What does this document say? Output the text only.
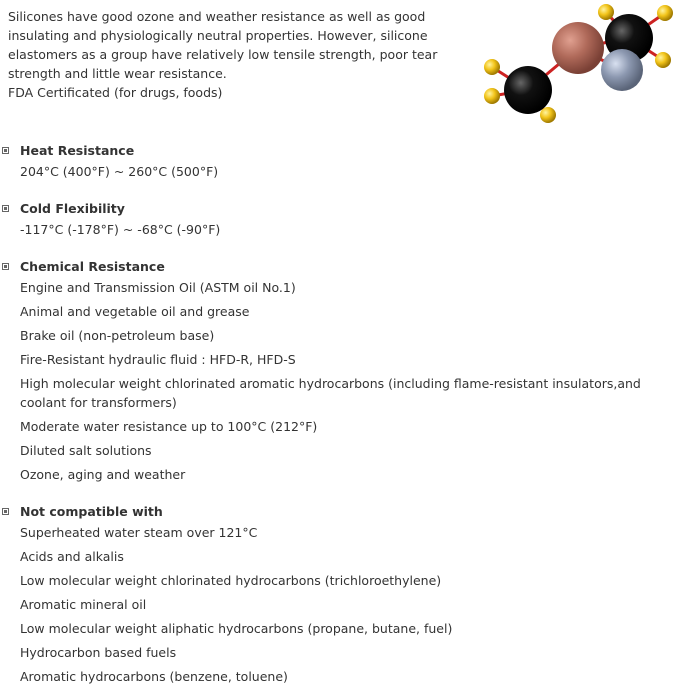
Silicones have good ozone and weather resistance as well as good
insulating and physiologically neutral properties. However, silicone
elastomers as a group have relatively low tensile strength, poor tear
strength and little wear resistance.
FDA Certificated (for drugs, foods)
Heat Resistance
204°C (400°F) ~ 260°C (500°F)
Cold Flexibility
-117°C (-178°F) ~ -68°C (-90°F)
Chemical Resistance
Engine and Transmission Oil (ASTM oil No.1)
Animal and vegetable oil and grease
Brake oil (non-petroleum base)
Fire-Resistant hydraulic fluid : HFD-R, HFD-S
High molecular weight chlorinated aromatic hydrocarbons (including flame-resistant insulators,and coolant for transformers)
Moderate water resistance up to 100°C (212°F)
Diluted salt solutions
Ozone, aging and weather
Not compatible with
Superheated water steam over 121°C
Acids and alkalis
Low molecular weight chlorinated hydrocarbons (trichloroethylene)
Aromatic mineral oil
Low molecular weight aliphatic hydrocarbons (propane, butane, fuel)
Hydrocarbon based fuels
Aromatic hydrocarbons (benzene, toluene)
